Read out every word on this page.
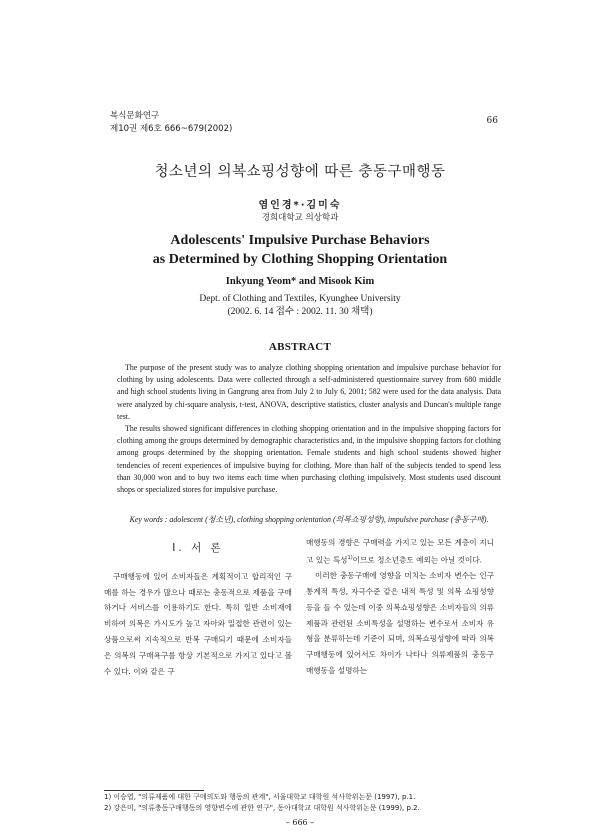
복식문화연구
제10권 제6호 666~679(2002)
66
청소년의 의복쇼핑성향에 따른 충동구매행동
염인경*·김미숙
경희대학교 의상학과
Adolescents' Impulsive Purchase Behaviors
as Determined by Clothing Shopping Orientation
Inkyung Yeom* and Misook Kim
Dept. of Clothing and Textiles, Kyunghee University
(2002. 6. 14 접수 : 2002. 11. 30 채택)
ABSTRACT

The purpose of the present study was to analyze clothing shopping orientation and impulsive purchase behavior for clothing by using adolescents. Data were collected through a self-administered questionnaire survey from 680 middle and high school students living in Gangrung area from July 2 to July 6, 2001; 582 were used for the data analysis. Data were analyzed by chi-square analysis, t-test, ANOVA, descriptive statistics, cluster analysis and Duncan's multiple range test.

The results showed significant differences in clothing shopping orientation and in the impulsive shopping factors for clothing among the groups determined by demographic characteristics and, in the impulsive shopping factors for clothing among groups determined by the shopping orientation. Female students and high school students showed higher tendencies of recent experiences of impulsive buying for clothing. More than half of the subjects tended to spend less than 30,000 won and to buy two items each time when purchasing clothing impulsively. Most students used discount shops or specialized stores for impulsive purchase.

Key words : adolescent (청소년), clothing shopping orientation (의복쇼핑성향), impulsive purchase (충동구매).
Ⅰ. 서 론

구매행동에 있어 소비자들은 계획적이고 합리적인 구매를 하는 경우가 많으나 때로는 충동적으로 제품을 구매하거나 서비스를 이용하기도 한다. 특히 일반 소비재에 비하여 의복은 가시도가 높고 자아와 밀접한 관련이 있는 상품으로써 지속적으로 반복 구매되기 때문에 소비자들은 의복의 구매욕구를 항상 기본적으로 가지고 있다고 볼 수 있다. 이와 같은 구

매행동의 경향은 구매력을 가지고 있는 모든 계층이 지니고 있는 특성$^{1)}$이므로 청소년층도 예외는 아닐 것이다.

이러한 충동구매에 영향을 미치는 소비자 변수는 인구 통계적 특성, 자극수준 같은 내적 특성 및 의복 쇼핑성향 등을 들 수 있는데 이중 의복쇼핑성향은 소비자들의 의류제품과 관련된 소비특성을 설명하는 변수로서 소비자 유형을 분류하는데 기준이 되며, 의복쇼핑성향에 따라 의복구매행동에 있어서도 차이가 나타나 의류제품의 충동구매행동을 설명하는

1) 이승엽, "의류제품에 대한 구매의도와 행동의 관계", 서울대학교 대학원 석사학위논문 (1997), p.1.
2) 강은미, "의류충동구매행동의 영향변수에 관한 연구", 동아대학교 대학원 석사학위논문 (1999), p.2.
– 666 –
